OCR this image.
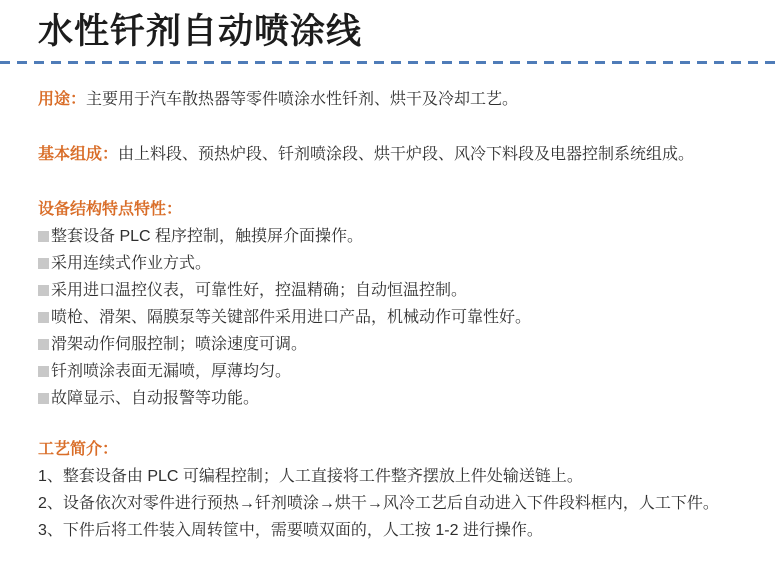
水性钎剂自动喷涂线

用途：主要用于汽车散热器等零件喷涂水性钎剂、烘干及冷却工艺。

基本组成：由上料段、预热炉段、钎剂喷涂段、烘干炉段、风冷下料段及电器控制系统组成。

设备结构特点特性：
整套设备 PLC 程序控制，触摸屏介面操作。
采用连续式作业方式。
采用进口温控仪表，可靠性好，控温精确；自动恒温控制。
喷枪、滑架、隔膜泵等关键部件采用进口产品，机械动作可靠性好。
滑架动作伺服控制；喷涂速度可调。
钎剂喷涂表面无漏喷，厚薄均匀。
故障显示、自动报警等功能。
工艺简介：

1、整套设备由 PLC 可编程控制；人工直接将工件整齐摆放上件处输送链上。

2、设备依次对零件进行预热→钎剂喷涂→烘干→风冷工艺后自动进入下件段料框内，人工下件。

3、下件后将工件装入周转筐中，需要喷双面的，人工按 1-2 进行操作。
